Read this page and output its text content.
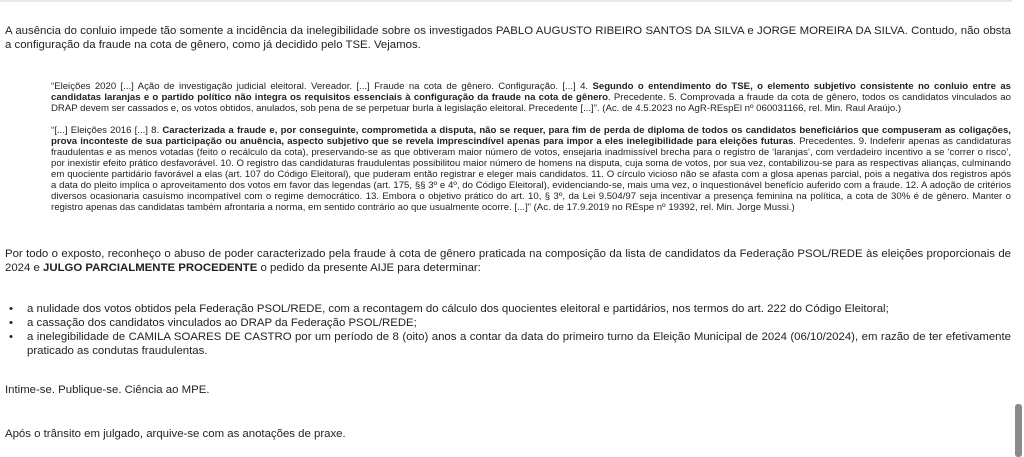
A ausência do conluio impede tão somente a incidência da inelegibilidade sobre os investigados PABLO AUGUSTO RIBEIRO SANTOS DA SILVA e JORGE MOREIRA DA SILVA. Contudo, não obsta a configuração da fraude na cota de gênero, como já decidido pelo TSE. Vejamos.

“Eleições 2020 [...] Ação de investigação judicial eleitoral. Vereador. [...] Fraude na cota de gênero. Configuração. [...] 4. Segundo o entendimento do TSE, o elemento subjetivo consistente no conluio entre as candidatas laranjas e o partido político não integra os requisitos essenciais à configuração da fraude na cota de gênero. Precedente. 5. Comprovada a fraude da cota de gênero, todos os candidatos vinculados ao DRAP devem ser cassados e, os votos obtidos, anulados, sob pena de se perpetuar burla à legislação eleitoral. Precedente [...]”. (Ac. de 4.5.2023 no AgR-REspEl nº 060031166, rel. Min. Raul Araújo.)

“[...] Eleições 2016 [...] 8. Caracterizada a fraude e, por conseguinte, comprometida a disputa, não se requer, para fim de perda de diploma de todos os candidatos beneficiários que compuseram as coligações, prova inconteste de sua participação ou anuência, aspecto subjetivo que se revela imprescindível apenas para impor a eles inelegibilidade para eleições futuras. Precedentes. 9. Indeferir apenas as candidaturas fraudulentas e as menos votadas (feito o recálculo da cota), preservando-se as que obtiveram maior número de votos, ensejaria inadmissível brecha para o registro de ‘laranjas’, com verdadeiro incentivo a se ‘correr o risco’, por inexistir efeito prático desfavorável. 10. O registro das candidaturas fraudulentas possibilitou maior número de homens na disputa, cuja soma de votos, por sua vez, contabilizou-se para as respectivas alianças, culminando em quociente partidário favorável a elas (art. 107 do Código Eleitoral), que puderam então registrar e eleger mais candidatos. 11. O círculo vicioso não se afasta com a glosa apenas parcial, pois a negativa dos registros após a data do pleito implica o aproveitamento dos votos em favor das legendas (art. 175, §§ 3º e 4º, do Código Eleitoral), evidenciando-se, mais uma vez, o inquestionável benefício auferido com a fraude. 12. A adoção de critérios diversos ocasionaria casuísmo incompatível com o regime democrático. 13. Embora o objetivo prático do art. 10, § 3º, da Lei 9.504/97 seja incentivar a presença feminina na política, a cota de 30% é de gênero. Manter o registro apenas das candidatas também afrontaria a norma, em sentido contrário ao que usualmente ocorre. [...]” (Ac. de 17.9.2019 no REspe nº 19392, rel. Min. Jorge Mussi.)

Por todo o exposto, reconheço o abuso de poder caracterizado pela fraude à cota de gênero praticada na composição da lista de candidatos da Federação PSOL/REDE às eleições proporcionais de 2024 e JULGO PARCIALMENTE PROCEDENTE o pedido da presente AIJE para determinar:

• a nulidade dos votos obtidos pela Federação PSOL/REDE, com a recontagem do cálculo dos quocientes eleitoral e partidários, nos termos do art. 222 do Código Eleitoral;
• a cassação dos candidatos vinculados ao DRAP da Federação PSOL/REDE;
• a inelegibilidade de CAMILA SOARES DE CASTRO por um período de 8 (oito) anos a contar da data do primeiro turno da Eleição Municipal de 2024 (06/10/2024), em razão de ter efetivamente praticado as condutas fraudulentas.

Intime-se. Publique-se. Ciência ao MPE.

Após o trânsito em julgado, arquive-se com as anotações de praxe.
